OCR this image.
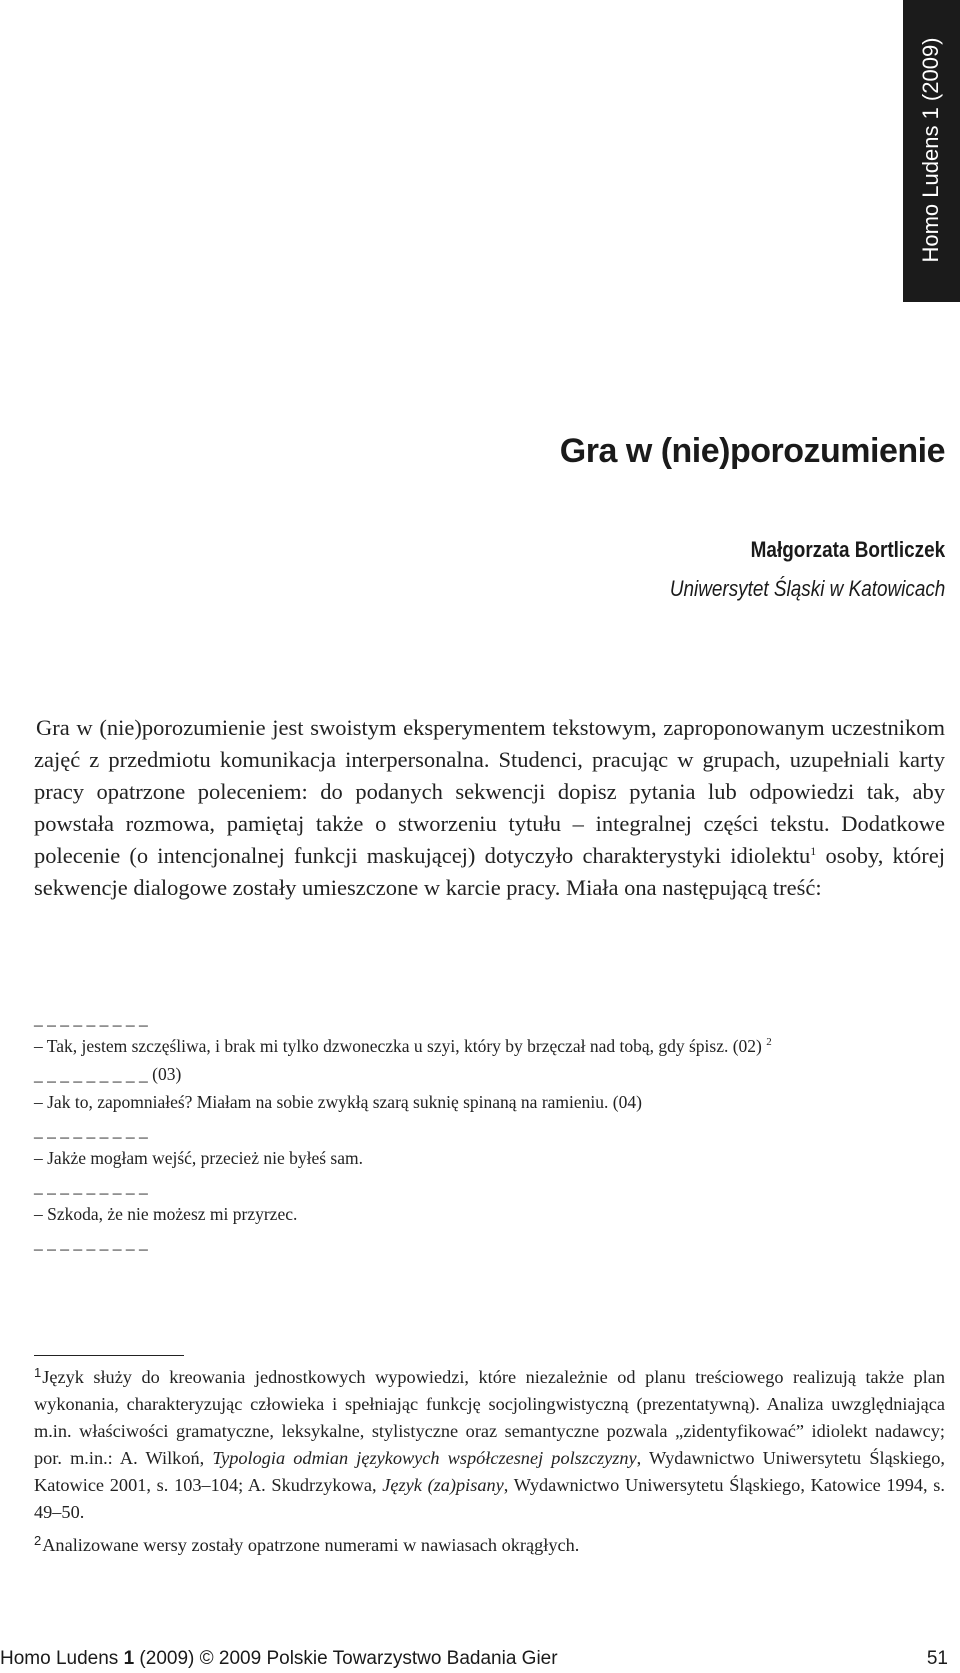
Homo Ludens 1 (2009)
Gra w (nie)porozumienie
Małgorzata Bortliczek
Uniwersytet Śląski w Katowicach

Gra w (nie)porozumienie jest swoistym eksperymentem tekstowym, zaproponowanym uczestnikom zajęć z przedmiotu komunikacja interpersonalna. Studenci, pracując w grupach, uzupełniali karty pracy opatrzone poleceniem: do podanych sekwencji dopisz pytania lub odpowiedzi tak, aby powstała rozmowa, pamiętaj także o stworzeniu tytułu – integralnej części tekstu. Dodatkowe polecenie (o intencjonalnej funkcji maskującej) dotyczyło charakterystyki idiolektu$^1$ osoby, której sekwencje dialogowe zostały umieszczone w karcie pracy. Miała ona następującą treść:

_ _ _ _ _ _ _ _ _
– Tak, jestem szczęśliwa, i brak mi tylko dzwoneczka u szyi, który by brzęczał nad tobą, gdy śpisz. (02) $^2$
_ _ _ _ _ _ _ _ _ (03)
– Jak to, zapomniałeś? Miałam na sobie zwykłą szarą suknię spinaną na ramieniu. (04)
_ _ _ _ _ _ _ _ _
– Jakże mogłam wejść, przecież nie byłeś sam.
_ _ _ _ _ _ _ _ _
– Szkoda, że nie możesz mi przyrzec.
_ _ _ _ _ _ _ _ _

$^1$Język służy do kreowania jednostkowych wypowiedzi, które niezależnie od planu treściowego realizują także plan wykonania, charakteryzując człowieka i spełniając funkcję socjolingwistyczną (prezentatywną). Analiza uwzględniająca m.in. właściwości gramatyczne, leksykalne, stylistyczne oraz semantyczne pozwala „zidentyfikować” idiolekt nadawcy; por. m.in.: A. Wilkoń, Typologia odmian językowych współczesnej polszczyzny, Wydawnictwo Uniwersytetu Śląskiego, Katowice 2001, s. 103–104; A. Skudrzykowa, Język (za)pisany, Wydawnictwo Uniwersytetu Śląskiego, Katowice 1994, s. 49–50.

$^2$Analizowane wersy zostały opatrzone numerami w nawiasach okrągłych.

Homo Ludens 1 (2009) © 2009 Polskie Towarzystwo Badania Gier	51
